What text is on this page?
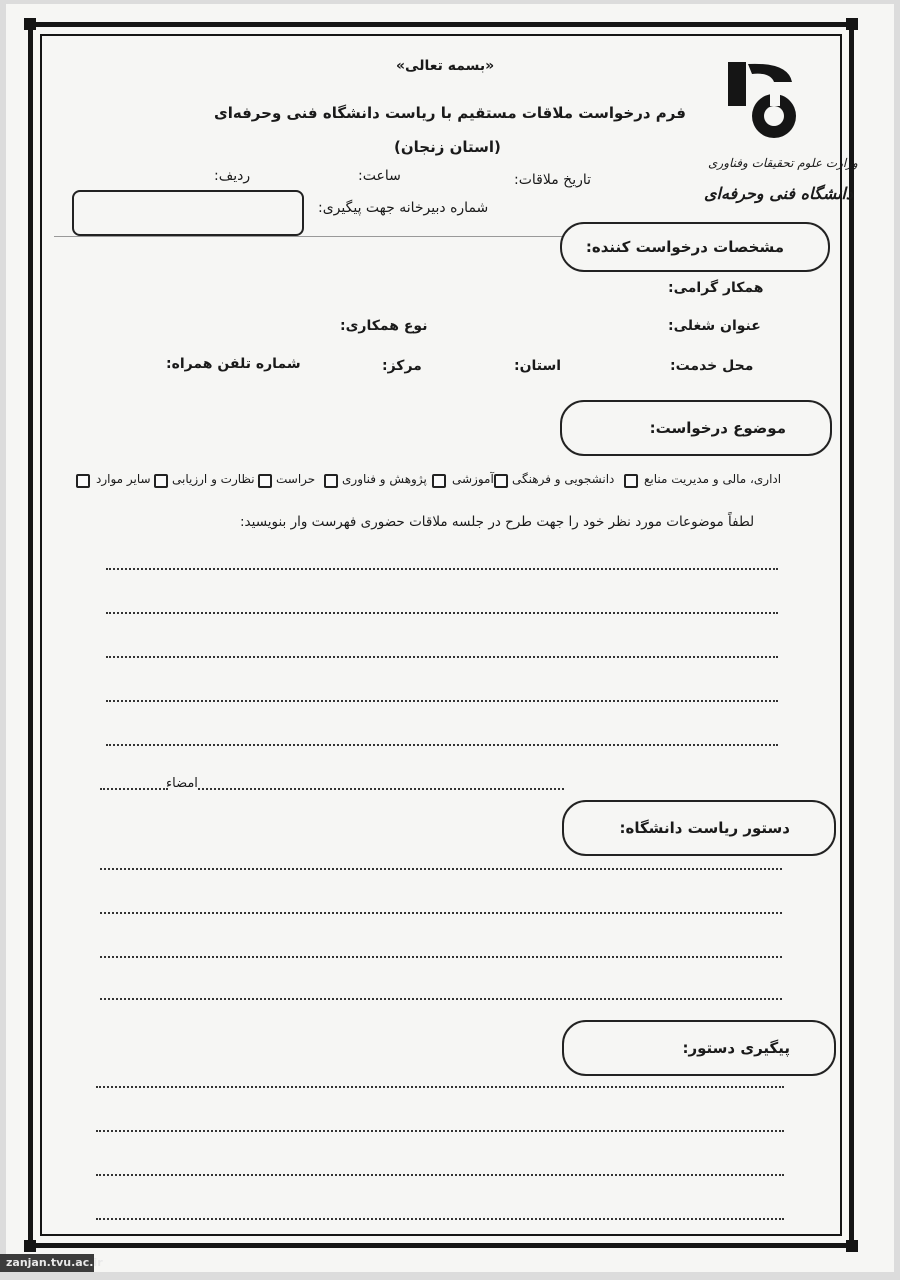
وزارت علوم تحقیقات وفناوری
دانشگاه فنی وحرفه‌ای
«بسمه تعالی»
فرم درخواست ملاقات مستقیم با ریاست دانشگاه فنی وحرفه‌ای
(استان زنجان)
تاریخ ملاقات:
ساعت:
ردیف:
شماره دبیرخانه جهت پیگیری:
مشخصات درخواست کننده:
همکار گرامی:
عنوان شغلی:
نوع همکاری:
محل خدمت:
استان:
مرکز:
شماره تلفن همراه:
موضوع درخواست:
اداری، مالی و مدیریت منابع
دانشجویی و فرهنگی
آموزشی
پژوهش و فناوری
حراست
نظارت و ارزیابی
سایر موارد
لطفاً موضوعات مورد نظر خود را جهت طرح در جلسه ملاقات حضوری فهرست وار بنویسید:
امضاء
دستور ریاست دانشگاه:
پیگیری دستور:
zanjan.tvu.ac.ir
